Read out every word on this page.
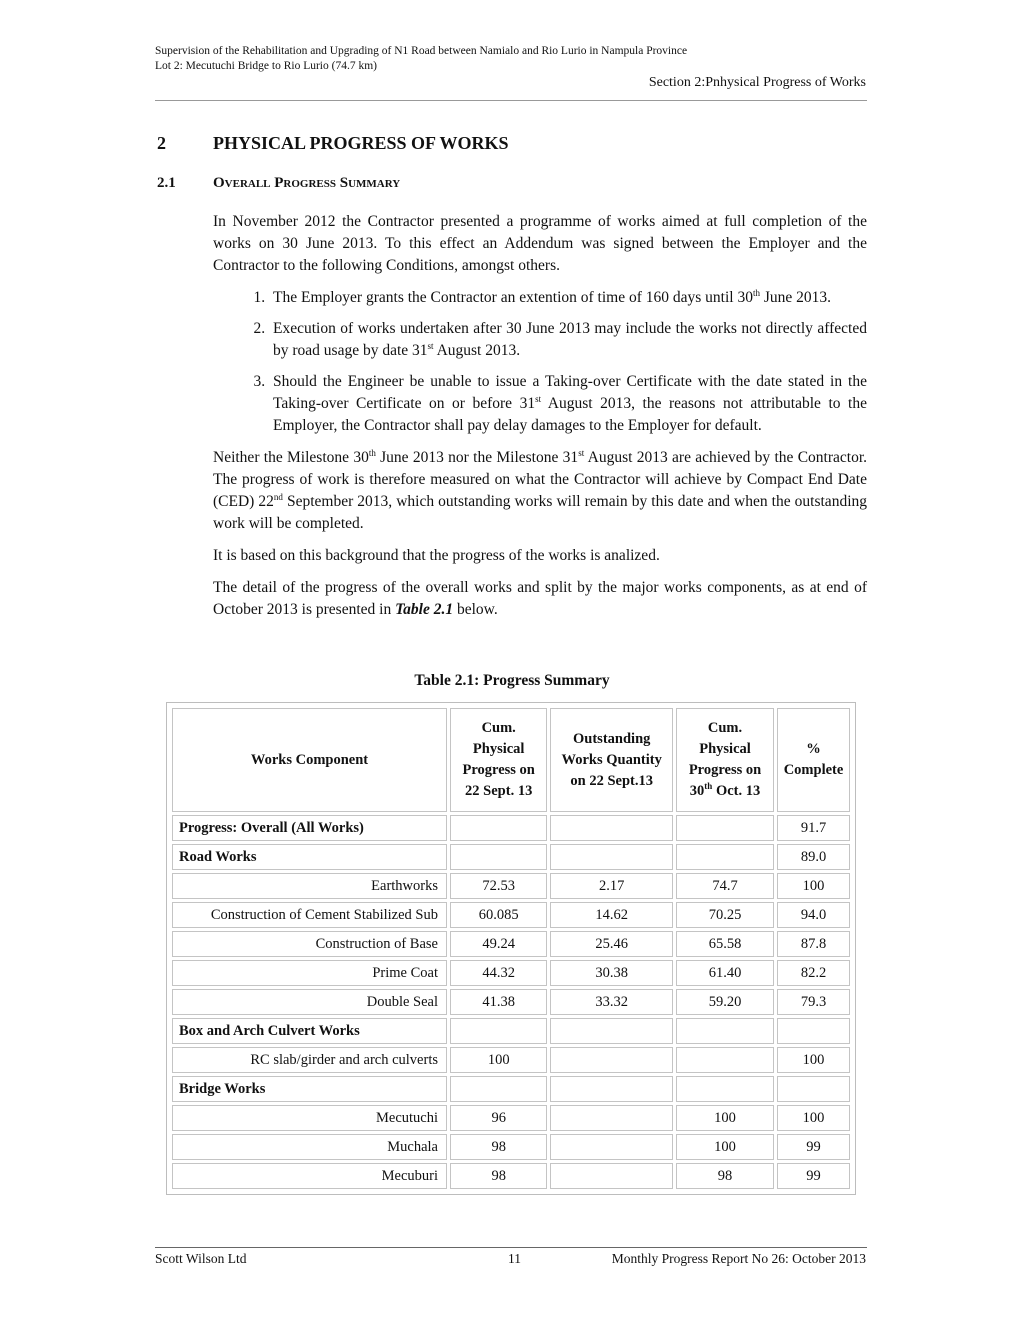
Supervision of the Rehabilitation and Upgrading of N1 Road between Namialo and Rio Lurio in Nampula Province
Lot 2: Mecutuchi Bridge to Rio Lurio (74.7 km)
Section 2:Pnhysical Progress of Works
2	PHYSICAL PROGRESS OF WORKS
2.1 Overall Progress Summary

In November 2012 the Contractor presented a programme of works aimed at full completion of the works on 30 June 2013. To this effect an Addendum was signed between the Employer and the Contractor to the following Conditions, amongst others.

1. The Employer grants the Contractor an extention of time of 160 days until 30th June 2013.
2. Execution of works undertaken after 30 June 2013 may include the works not directly affected by road usage by date 31st August 2013.
3. Should the Engineer be unable to issue a Taking-over Certificate with the date stated in the Taking-over Certificate on or before 31st August 2013, the reasons not attributable to the Employer, the Contractor shall pay delay damages to the Employer for default.

Neither the Milestone 30th June 2013 nor the Milestone 31st August 2013 are achieved by the Contractor. The progress of work is therefore measured on what the Contractor will achieve by Compact End Date (CED) 22nd September 2013, which outstanding works will remain by this date and when the outstanding work will be completed.

It is based on this background that the progress of the works is analized.

The detail of the progress of the overall works and split by the major works components, as at end of October 2013 is presented in Table 2.1 below.

Table 2.1: Progress Summary
Works Component	Cum. Physical Progress on 22 Sept. 13	Outstanding Works Quantity on 22 Sept.13	Cum. Physical Progress on 30th Oct. 13	% Complete
Progress: Overall (All Works)				91.7
Road Works				89.0
Earthworks	72.53	2.17	74.7	100
Construction of Cement Stabilized Sub	60.085	14.62	70.25	94.0
Construction of Base	49.24	25.46	65.58	87.8
Prime Coat	44.32	30.38	61.40	82.2
Double Seal	41.38	33.32	59.20	79.3
Box and Arch Culvert Works				
RC slab/girder and arch culverts	100			100
Bridge Works				
Mecutuchi	96		100	100
Muchala	98		100	99
Mecuburi	98		98	99
Scott Wilson Ltd	11	Monthly Progress Report No 26: October 2013
